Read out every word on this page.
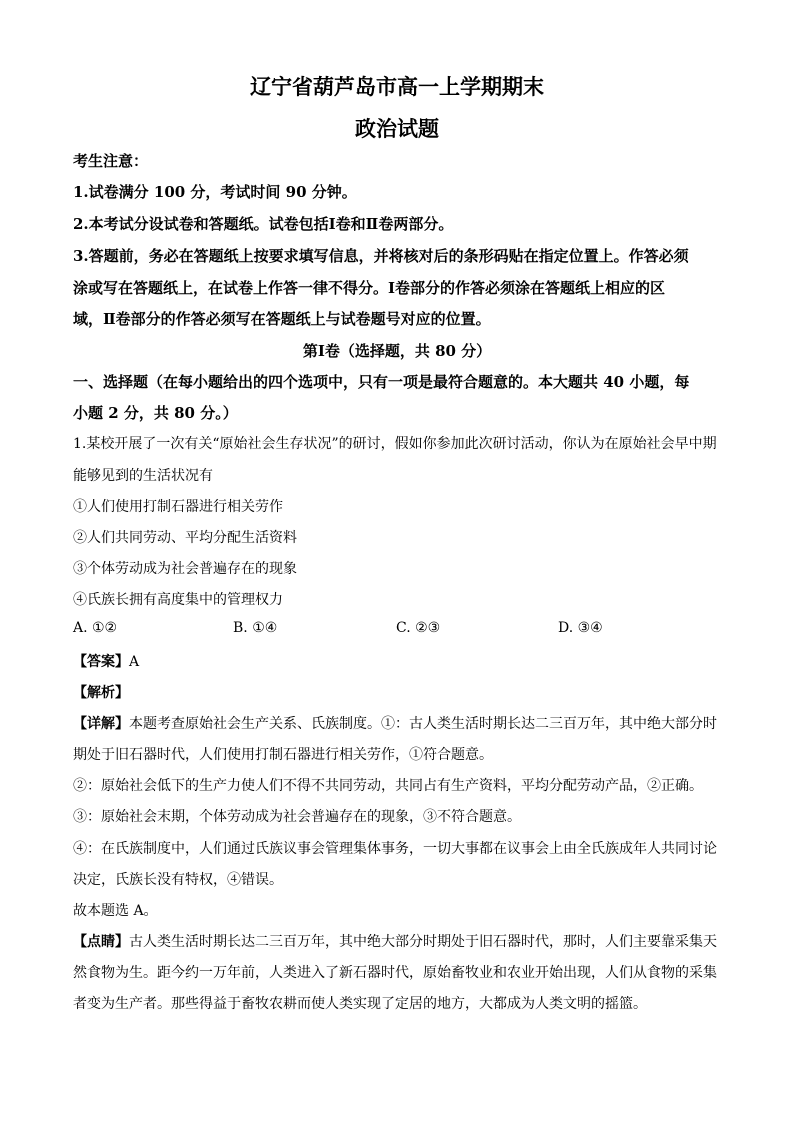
辽宁省葫芦岛市高一上学期期末
政治试题
考生注意：
1.试卷满分 100 分，考试时间 90 分钟。
2.本考试分设试卷和答题纸。试卷包括Ⅰ卷和Ⅱ卷两部分。
3.答题前，务必在答题纸上按要求填写信息，并将核对后的条形码贴在指定位置上。作答必须
涂或写在答题纸上，在试卷上作答一律不得分。Ⅰ卷部分的作答必须涂在答题纸上相应的区
域，Ⅱ卷部分的作答必须写在答题纸上与试卷题号对应的位置。
第Ⅰ卷（选择题，共 80 分）
一、选择题（在每小题给出的四个选项中，只有一项是最符合题意的。本大题共 40 小题，每
小题 2 分，共 80 分。）
1.某校开展了一次有关“原始社会生存状况”的研讨，假如你参加此次研讨活动，你认为在原始社会早中期
能够见到的生活状况有
①人们使用打制石器进行相关劳作
②人们共同劳动、平均分配生活资料
③个体劳动成为社会普遍存在的现象
④氏族长拥有高度集中的管理权力
A. ①②	B. ①④	C. ②③	D. ③④
【答案】A
【解析】
【详解】本题考查原始社会生产关系、氏族制度。①：古人类生活时期长达二三百万年，其中绝大部分时
期处于旧石器时代，人们使用打制石器进行相关劳作，①符合题意。
②：原始社会低下的生产力使人们不得不共同劳动，共同占有生产资料，平均分配劳动产品，②正确。
③：原始社会末期，个体劳动成为社会普遍存在的现象，③不符合题意。
④：在氏族制度中，人们通过氏族议事会管理集体事务，一切大事都在议事会上由全氏族成年人共同讨论
决定，氏族长没有特权，④错误。
故本题选 A。
【点睛】古人类生活时期长达二三百万年，其中绝大部分时期处于旧石器时代，那时，人们主要靠采集天
然食物为生。距今约一万年前，人类进入了新石器时代，原始畜牧业和农业开始出现，人们从食物的采集
者变为生产者。那些得益于畜牧农耕而使人类实现了定居的地方，大都成为人类文明的摇篮。
